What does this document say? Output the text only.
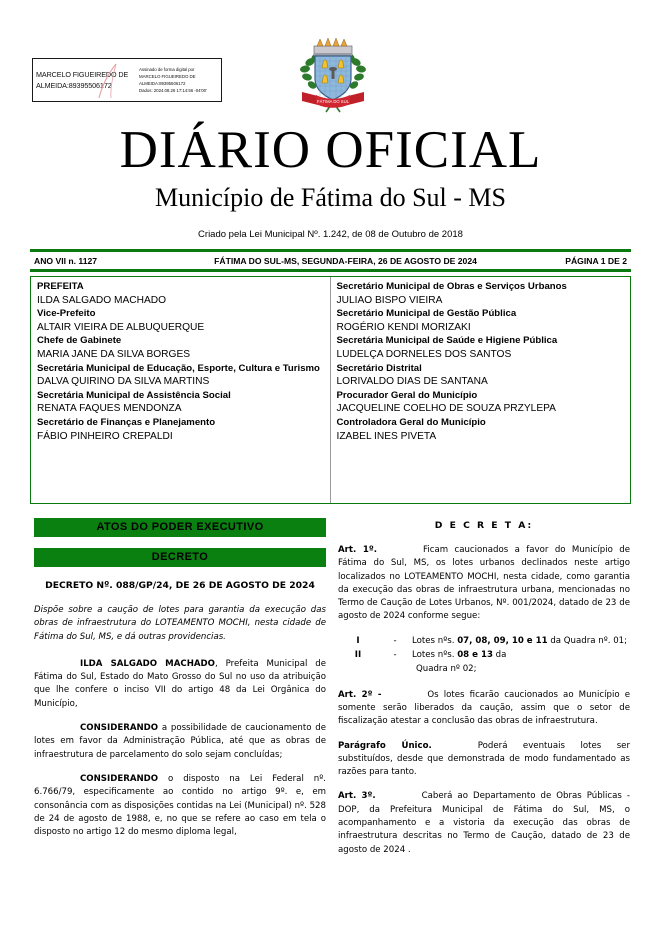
MARCELO FIGUEIREDO DE ALMEIDA:89395506172
Assinado de forma digital por
MARCELO FIGUEIREDO DE
ALMEIDA:89395506172
Dados: 2024.08.26 17:14:56 -04'00'
FÁTIMA DO SUL
DIÁRIO OFICIAL
Município de Fátima do Sul - MS
Criado pela Lei Municipal Nº. 1.242, de 08 de Outubro de 2018
ANO VII n. 1127	FÁTIMA DO SUL-MS, SEGUNDA-FEIRA, 26 DE AGOSTO DE 2024	PÁGINA 1 DE 2
PREFEITA
ILDA SALGADO MACHADO
Vice-Prefeito
ALTAIR VIEIRA DE ALBUQUERQUE
Chefe de Gabinete
MARIA JANE DA SILVA BORGES
Secretária Municipal de Educação, Esporte, Cultura e Turismo
DALVA QUIRINO DA SILVA MARTINS
Secretária Municipal de Assistência Social
RENATA FAQUES MENDONZA
Secretário de Finanças e Planejamento
FÁBIO PINHEIRO CREPALDI
Secretário Municipal de Obras e Serviços Urbanos
JULIAO BISPO VIEIRA
Secretário Municipal de Gestão Pública
ROGÉRIO KENDI MORIZAKI
Secretária Municipal de Saúde e Higiene Pública
LUDELÇA DORNELES DOS SANTOS
Secretário Distrital
LORIVALDO DIAS DE SANTANA
Procurador Geral do Município
JACQUELINE COELHO DE SOUZA PRZYLEPA
Controladora Geral do Município
IZABEL INES PIVETA
ATOS DO PODER EXECUTIVO
DECRETO
DECRETO Nº. 088/GP/24, DE 26 DE AGOSTO DE 2024

Dispõe sobre a caução de lotes para garantia da execução das obras de infraestrutura do LOTEAMENTO MOCHI, nesta cidade de Fátima do Sul, MS, e dá outras providencias.

ILDA SALGADO MACHADO, Prefeita Municipal de Fátima do Sul, Estado do Mato Grosso do Sul no uso da atribuição que lhe confere o inciso VII do artigo 48 da Lei Orgânica do Município,

CONSIDERANDO a possibilidade de caucionamento de lotes em favor da Administração Pública, até que as obras de infraestrutura de parcelamento do solo sejam concluídas;

CONSIDERANDO o disposto na Lei Federal nº. 6.766/79, especificamente ao contido no artigo 9º. e, em consonância com as disposições contidas na Lei (Municipal) nº. 528 de 24 de agosto de 1988, e, no que se refere ao caso em tela o disposto no artigo 12 do mesmo diploma legal,

D E C R E T A:

Art. 1º.	Ficam caucionados a favor do Município de Fátima do Sul, MS, os lotes urbanos declinados neste artigo localizados no LOTEAMENTO MOCHI, nesta cidade, como garantia da execução das obras de infraestrutura urbana, mencionadas no Termo de Caução de Lotes Urbanos, Nº. 001/2024, datado de 23 de agosto de 2024 conforme segue:

I	- Lotes nºs. 07, 08, 09, 10 e 11 da Quadra nº. 01;

II	- Lotes nºs. 08 e 13 da

Quadra nº 02;

Art. 2º -	Os lotes ficarão caucionados ao Município e somente serão liberados da caução, assim que o setor de fiscalização atestar a conclusão das obras de infraestrutura.

Parágrafo Único.	Poderá eventuais lotes ser substituídos, desde que demonstrada de modo fundamentado as razões para tanto.

Art. 3º.	Caberá ao Departamento de Obras Públicas - DOP, da Prefeitura Municipal de Fátima do Sul, MS, o acompanhamento e a vistoria da execução das obras de infraestrutura descritas no Termo de Caução, datado de 23 de agosto de 2024 .
